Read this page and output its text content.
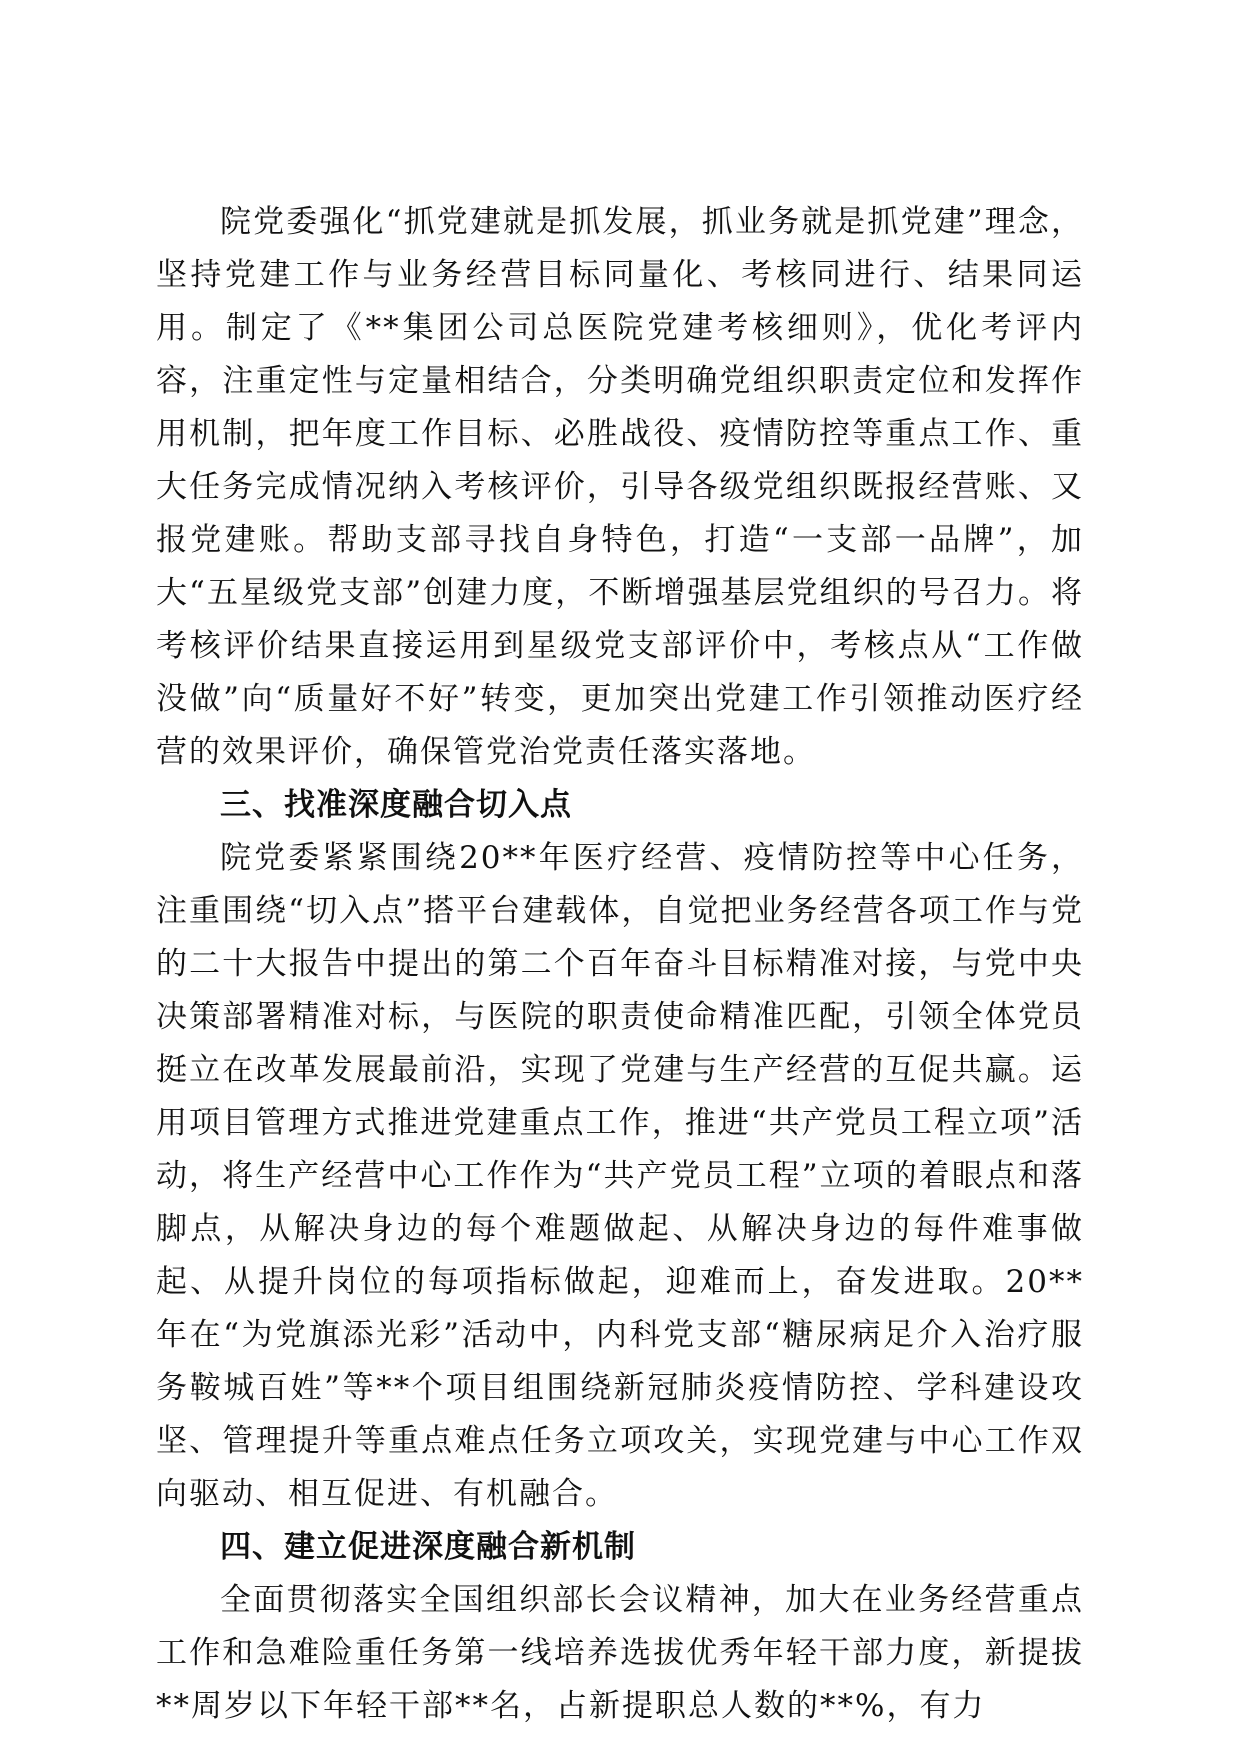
院党委强化“抓党建就是抓发展，抓业务就是抓党建”理念，坚持党建工作与业务经营目标同量化、考核同进行、结果同运用。制定了《**集团公司总医院党建考核细则》，优化考评内容，注重定性与定量相结合，分类明确党组织职责定位和发挥作用机制，把年度工作目标、必胜战役、疫情防控等重点工作、重大任务完成情况纳入考核评价，引导各级党组织既报经营账、又报党建账。帮助支部寻找自身特色，打造“一支部一品牌”，加大“五星级党支部”创建力度，不断增强基层党组织的号召力。将考核评价结果直接运用到星级党支部评价中，考核点从“工作做没做”向“质量好不好”转变，更加突出党建工作引领推动医疗经营的效果评价，确保管党治党责任落实落地。

三、找准深度融合切入点

院党委紧紧围绕20**年医疗经营、疫情防控等中心任务，注重围绕“切入点”搭平台建载体，自觉把业务经营各项工作与党的二十大报告中提出的第二个百年奋斗目标精准对接，与党中央决策部署精准对标，与医院的职责使命精准匹配，引领全体党员挺立在改革发展最前沿，实现了党建与生产经营的互促共赢。运用项目管理方式推进党建重点工作，推进“共产党员工程立项”活动，将生产经营中心工作作为“共产党员工程”立项的着眼点和落脚点，从解决身边的每个难题做起、从解决身边的每件难事做起、从提升岗位的每项指标做起，迎难而上，奋发进取。20**年在“为党旗添光彩”活动中，内科党支部“糖尿病足介入治疗服务鞍城百姓”等**个项目组围绕新冠肺炎疫情防控、学科建设攻坚、管理提升等重点难点任务立项攻关，实现党建与中心工作双向驱动、相互促进、有机融合。

四、建立促进深度融合新机制

全面贯彻落实全国组织部长会议精神，加大在业务经营重点工作和急难险重任务第一线培养选拔优秀年轻干部力度，新提拔**周岁以下年轻干部**名，占新提职总人数的**%，有力
